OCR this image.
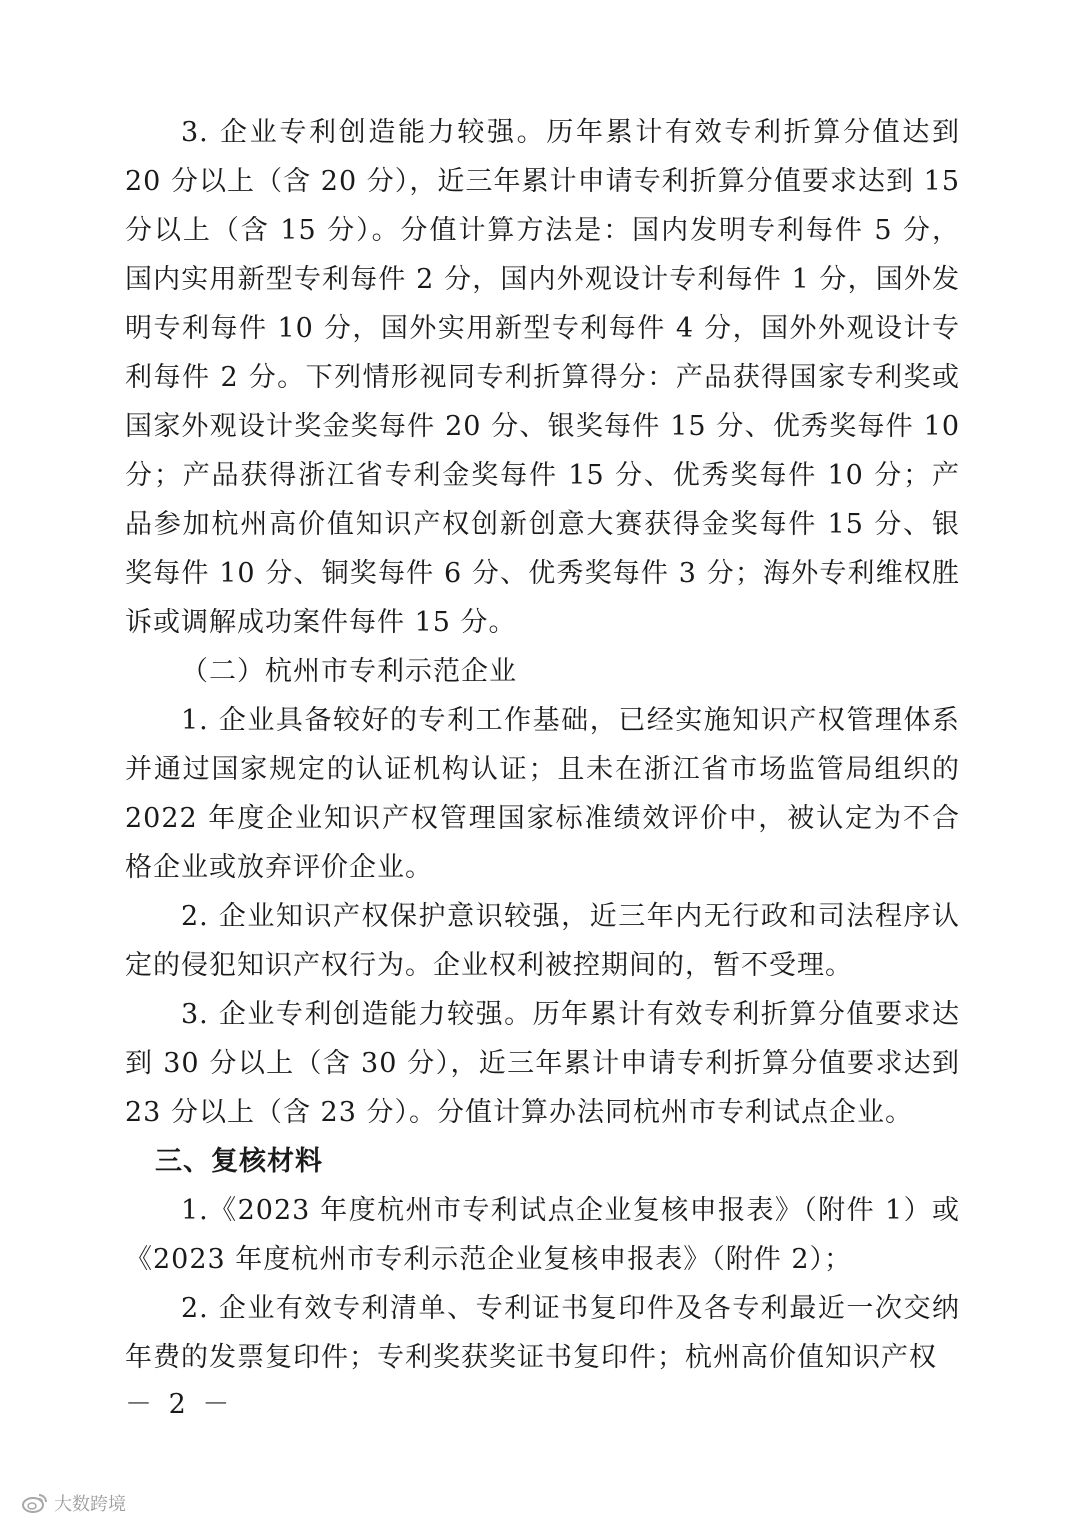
3. 企业专利创造能力较强。历年累计有效专利折算分值达到 20 分以上（含 20 分），近三年累计申请专利折算分值要求达到 15 分以上（含 15 分）。分值计算方法是：国内发明专利每件 5 分，国内实用新型专利每件 2 分，国内外观设计专利每件 1 分，国外发明专利每件 10 分，国外实用新型专利每件 4 分，国外外观设计专利每件 2 分。下列情形视同专利折算得分：产品获得国家专利奖或国家外观设计奖金奖每件 20 分、银奖每件 15 分、优秀奖每件 10 分；产品获得浙江省专利金奖每件 15 分、优秀奖每件 10 分；产品参加杭州高价值知识产权创新创意大赛获得金奖每件 15 分、银奖每件 10 分、铜奖每件 6 分、优秀奖每件 3 分；海外专利维权胜诉或调解成功案件每件 15 分。

（二）杭州市专利示范企业

1. 企业具备较好的专利工作基础，已经实施知识产权管理体系并通过国家规定的认证机构认证；且未在浙江省市场监管局组织的 2022 年度企业知识产权管理国家标准绩效评价中，被认定为不合格企业或放弃评价企业。

2. 企业知识产权保护意识较强，近三年内无行政和司法程序认定的侵犯知识产权行为。企业权利被控期间的，暂不受理。

3. 企业专利创造能力较强。历年累计有效专利折算分值要求达到 30 分以上（含 30 分），近三年累计申请专利折算分值要求达到 23 分以上（含 23 分）。分值计算办法同杭州市专利试点企业。

三、复核材料

1.《2023 年度杭州市专利试点企业复核申报表》（附件 1）或《2023 年度杭州市专利示范企业复核申报表》（附件 2）；

2. 企业有效专利清单、专利证书复印件及各专利最近一次交纳年费的发票复印件；专利奖获奖证书复印件；杭州高价值知识产权

－ 2 －
大数跨境
